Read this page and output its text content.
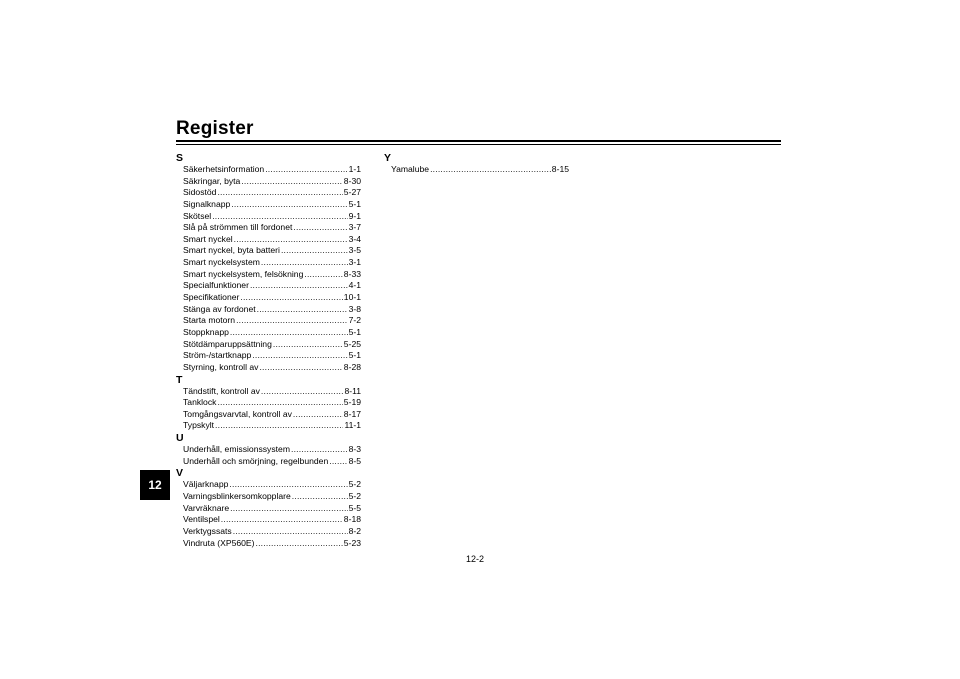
Register
12
S
Säkerhetsinformation .....	1-1
Säkringar, byta .....	8-30
Sidostöd .....	5-27
Signalknapp .....	5-1
Skötsel .....	9-1
Slå på strömmen till fordonet .....	3-7
Smart nyckel .....	3-4
Smart nyckel, byta batteri .....	3-5
Smart nyckelsystem .....	3-1
Smart nyckelsystem, felsökning .....	8-33
Specialfunktioner .....	4-1
Specifikationer .....	10-1
Stänga av fordonet .....	3-8
Starta motorn .....	7-2
Stoppknapp .....	5-1
Stötdämparuppsättning .....	5-25
Ström-/startknapp .....	5-1
Styrning, kontroll av .....	8-28
T
Tändstift, kontroll av .....	8-11
Tanklock .....	5-19
Tomgångsvarvtal, kontroll av .....	8-17
Typskylt .....	11-1
U
Underhåll, emissionssystem .....	8-3
Underhåll och smörjning, regelbunden ..... 8-5
V
Väljarknapp .....	5-2
Varningsblinkersomkopplare .....	5-2
Varvräknare .....	5-5
Ventilspel .....	8-18
Verktygssats .....	8-2
Vindruta (XP560E) .....	5-23
Y
Yamalube .....	8-15
12-2
